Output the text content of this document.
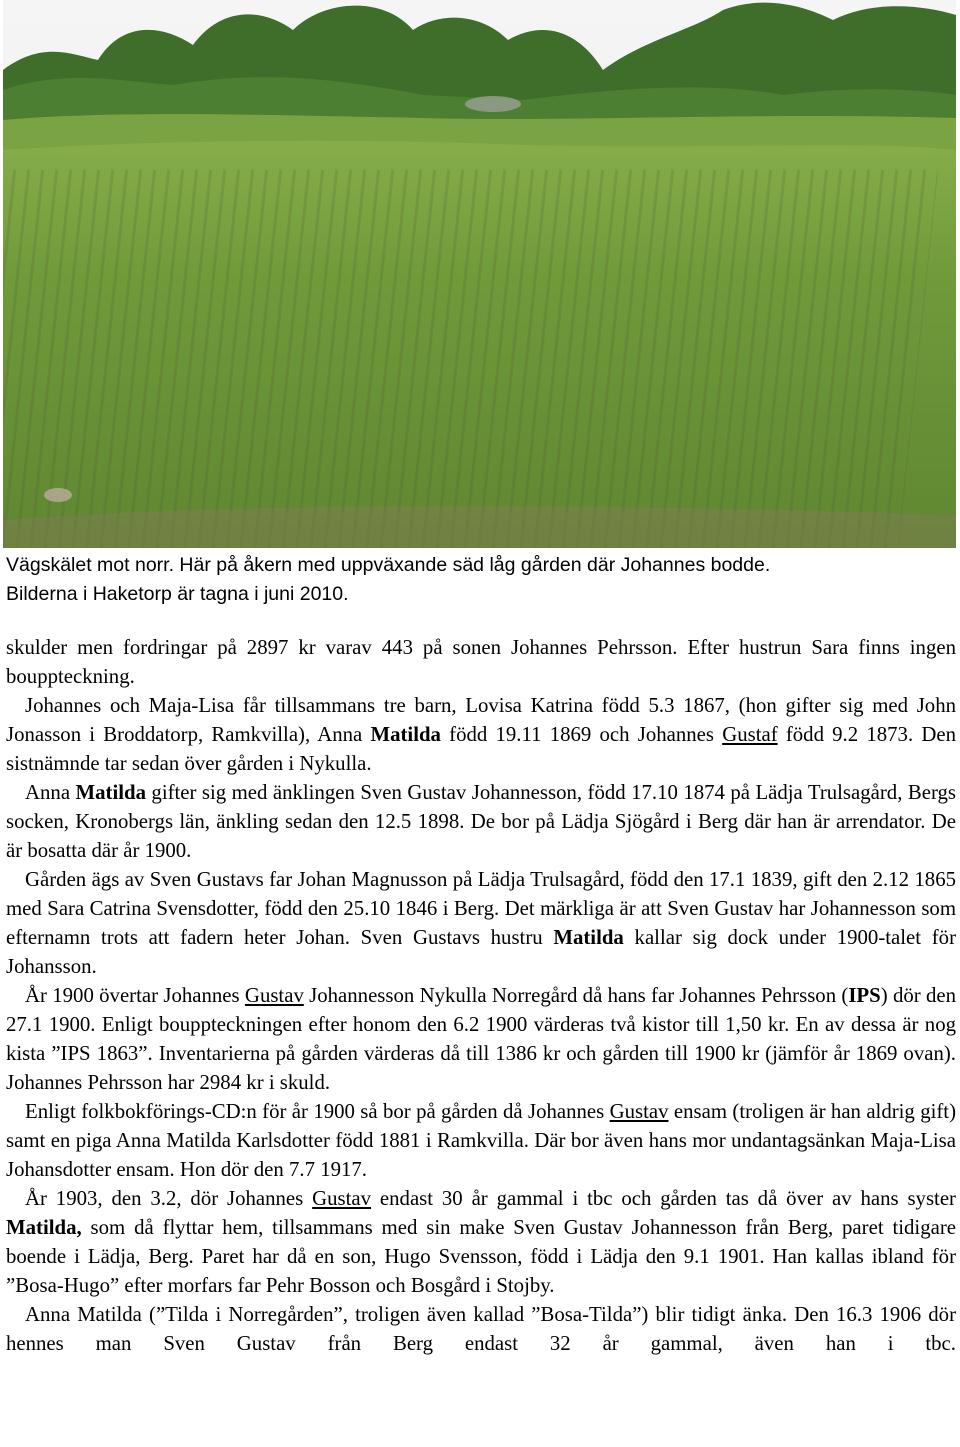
Vägskälet mot norr. Här på åkern med uppväxande säd låg gården där Johannes bodde.
Bilderna i Haketorp är tagna i juni 2010.

skulder men fordringar på 2897 kr varav 443 på sonen Johannes Pehrsson. Efter hustrun Sara finns ingen bouppteckning.

Johannes och Maja-Lisa får tillsammans tre barn, Lovisa Katrina född 5.3 1867, (hon gifter sig med John Jonasson i Broddatorp, Ramkvilla), Anna Matilda född 19.11 1869 och Johannes Gustaf född 9.2 1873. Den sistnämnde tar sedan över gården i Nykulla.

Anna Matilda gifter sig med änklingen Sven Gustav Johannesson, född 17.10 1874 på Lädja Trulsagård, Bergs socken, Kronobergs län, änkling sedan den 12.5 1898. De bor på Lädja Sjögård i Berg där han är arrendator. De är bosatta där år 1900.

Gården ägs av Sven Gustavs far Johan Magnusson på Lädja Trulsagård, född den 17.1 1839, gift den 2.12 1865 med Sara Catrina Svensdotter, född den 25.10 1846 i Berg. Det märkliga är att Sven Gustav har Johannesson som efternamn trots att fadern heter Johan. Sven Gustavs hustru Matilda kallar sig dock under 1900-talet för Johansson.

År 1900 övertar Johannes Gustav Johannesson Nykulla Norregård då hans far Johannes Pehrsson (IPS) dör den 27.1 1900. Enligt bouppteckningen efter honom den 6.2 1900 värderas två kistor till 1,50 kr. En av dessa är nog kista ”IPS 1863”. Inventarierna på gården värderas då till 1386 kr och gården till 1900 kr (jämför år 1869 ovan). Johannes Pehrsson har 2984 kr i skuld.

Enligt folkbokförings-CD:n för år 1900 så bor på gården då Johannes Gustav ensam (troligen är han aldrig gift) samt en piga Anna Matilda Karlsdotter född 1881 i Ramkvilla. Där bor även hans mor undantagsänkan Maja-Lisa Johansdotter ensam. Hon dör den 7.7 1917.

År 1903, den 3.2, dör Johannes Gustav endast 30 år gammal i tbc och gården tas då över av hans syster Matilda, som då flyttar hem, tillsammans med sin make Sven Gustav Johannesson från Berg, paret tidigare boende i Lädja, Berg. Paret har då en son, Hugo Svensson, född i Lädja den 9.1 1901. Han kallas ibland för ”Bosa-Hugo” efter morfars far Pehr Bosson och Bosgård i Stojby.

Anna Matilda (”Tilda i Norregården”, troligen även kallad ”Bosa-Tilda”) blir tidigt änka. Den 16.3 1906 dör hennes man Sven Gustav från Berg endast 32 år gammal, även han i tbc.
